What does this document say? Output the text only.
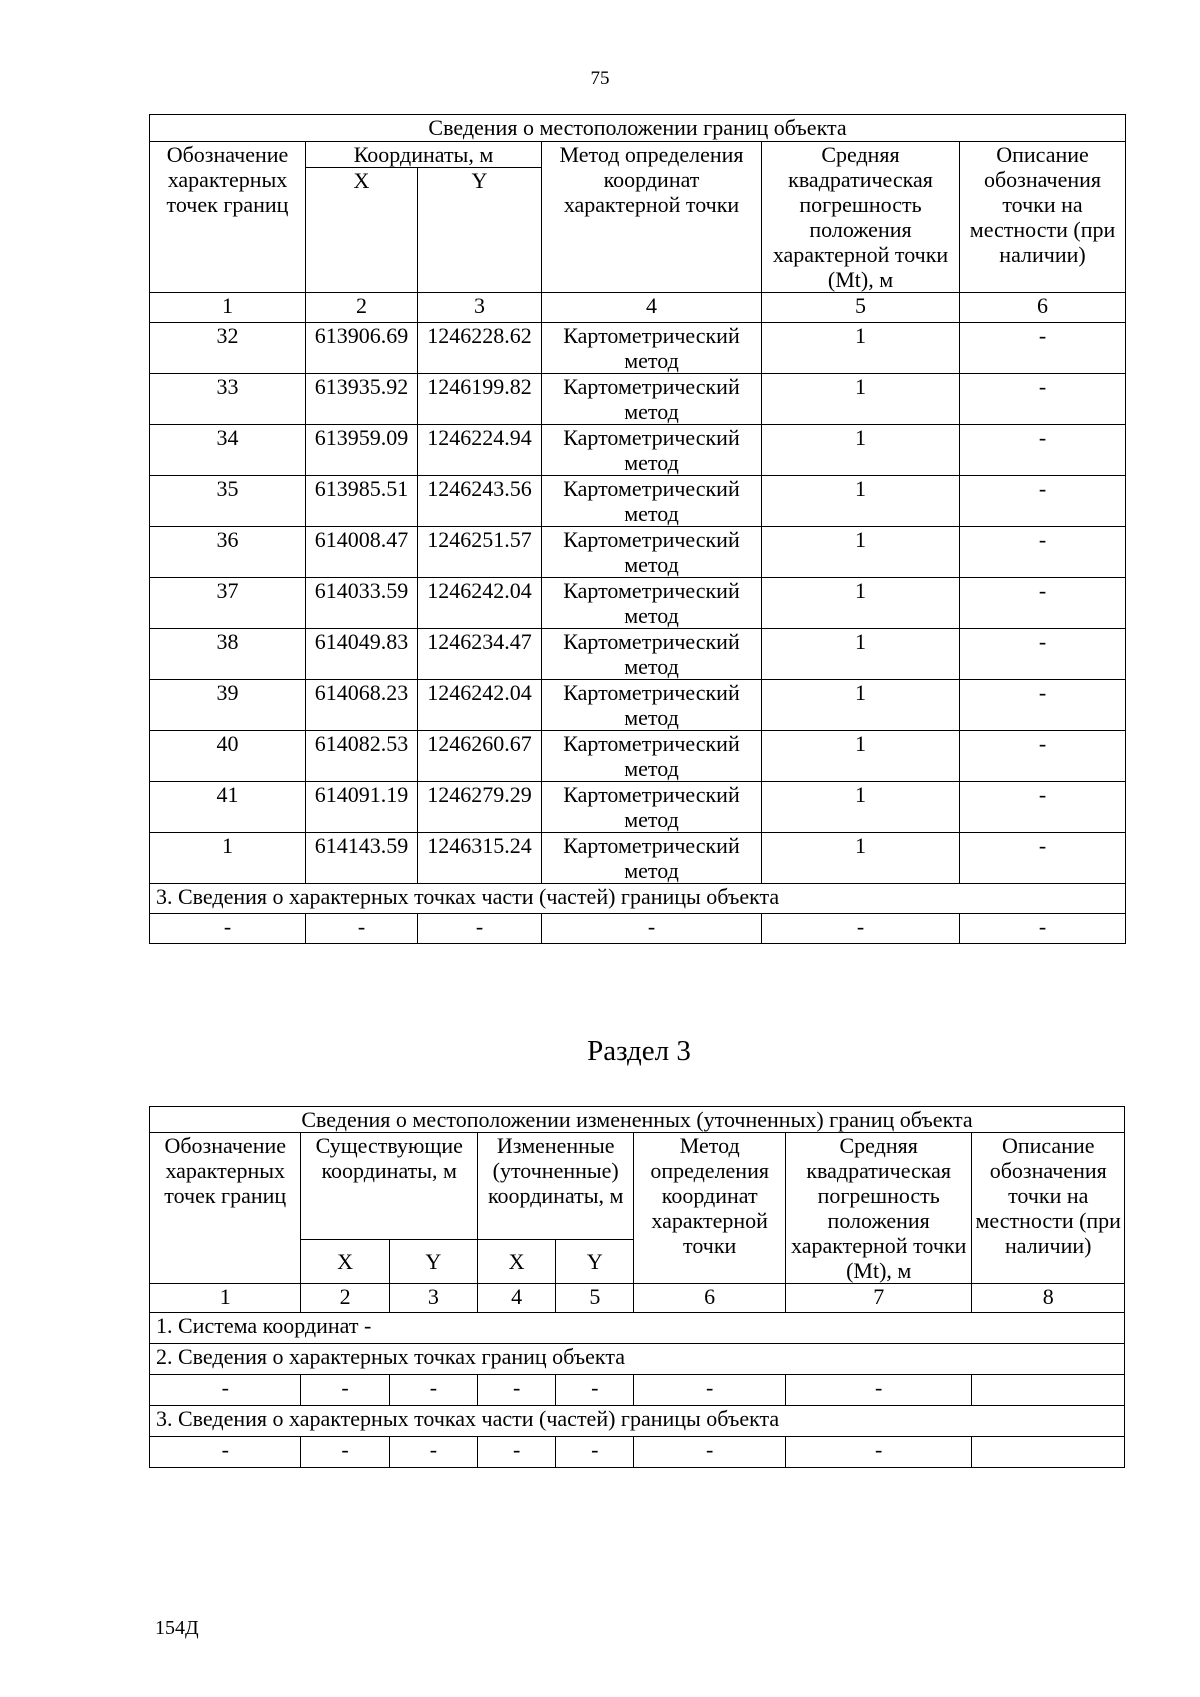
75
Сведения о местоположении границ объекта					
Обозначение характерных точек границ	Координаты, м		Метод определения координат характерной точки	Средняя квадратическая погрешность положения характерной точки (Mt), м	Описание обозначения точки на местности (при наличии)
	X	Y			
1	2	3	4	5	6
32	613906.69	1246228.62	Картометрический метод	1	-
33	613935.92	1246199.82	Картометрический метод	1	-
34	613959.09	1246224.94	Картометрический метод	1	-
35	613985.51	1246243.56	Картометрический метод	1	-
36	614008.47	1246251.57	Картометрический метод	1	-
37	614033.59	1246242.04	Картометрический метод	1	-
38	614049.83	1246234.47	Картометрический метод	1	-
39	614068.23	1246242.04	Картометрический метод	1	-
40	614082.53	1246260.67	Картометрический метод	1	-
41	614091.19	1246279.29	Картометрический метод	1	-
1	614143.59	1246315.24	Картометрический метод	1	-
3. Сведения о характерных точках части (частей) границы объекта					
-	-	-	-	-	-
Раздел 3
Сведения о местоположении измененных (уточненных) границ объекта							
Обозначение характерных точек границ	Существующие координаты, м		Измененные (уточненные) координаты, м		Метод определения координат характерной точки	Средняя квадратическая погрешность положения характерной точки (Mt), м	Описание обозначения точки на местности (при наличии)
	X	Y	X	Y			
1	2	3	4	5	6	7	8
1. Система координат -							
2. Сведения о характерных точках границ объекта							
-	-	-	-	-	-	-	
3. Сведения о характерных точках части (частей) границы объекта							
-	-	-	-	-	-	-	
154Д
